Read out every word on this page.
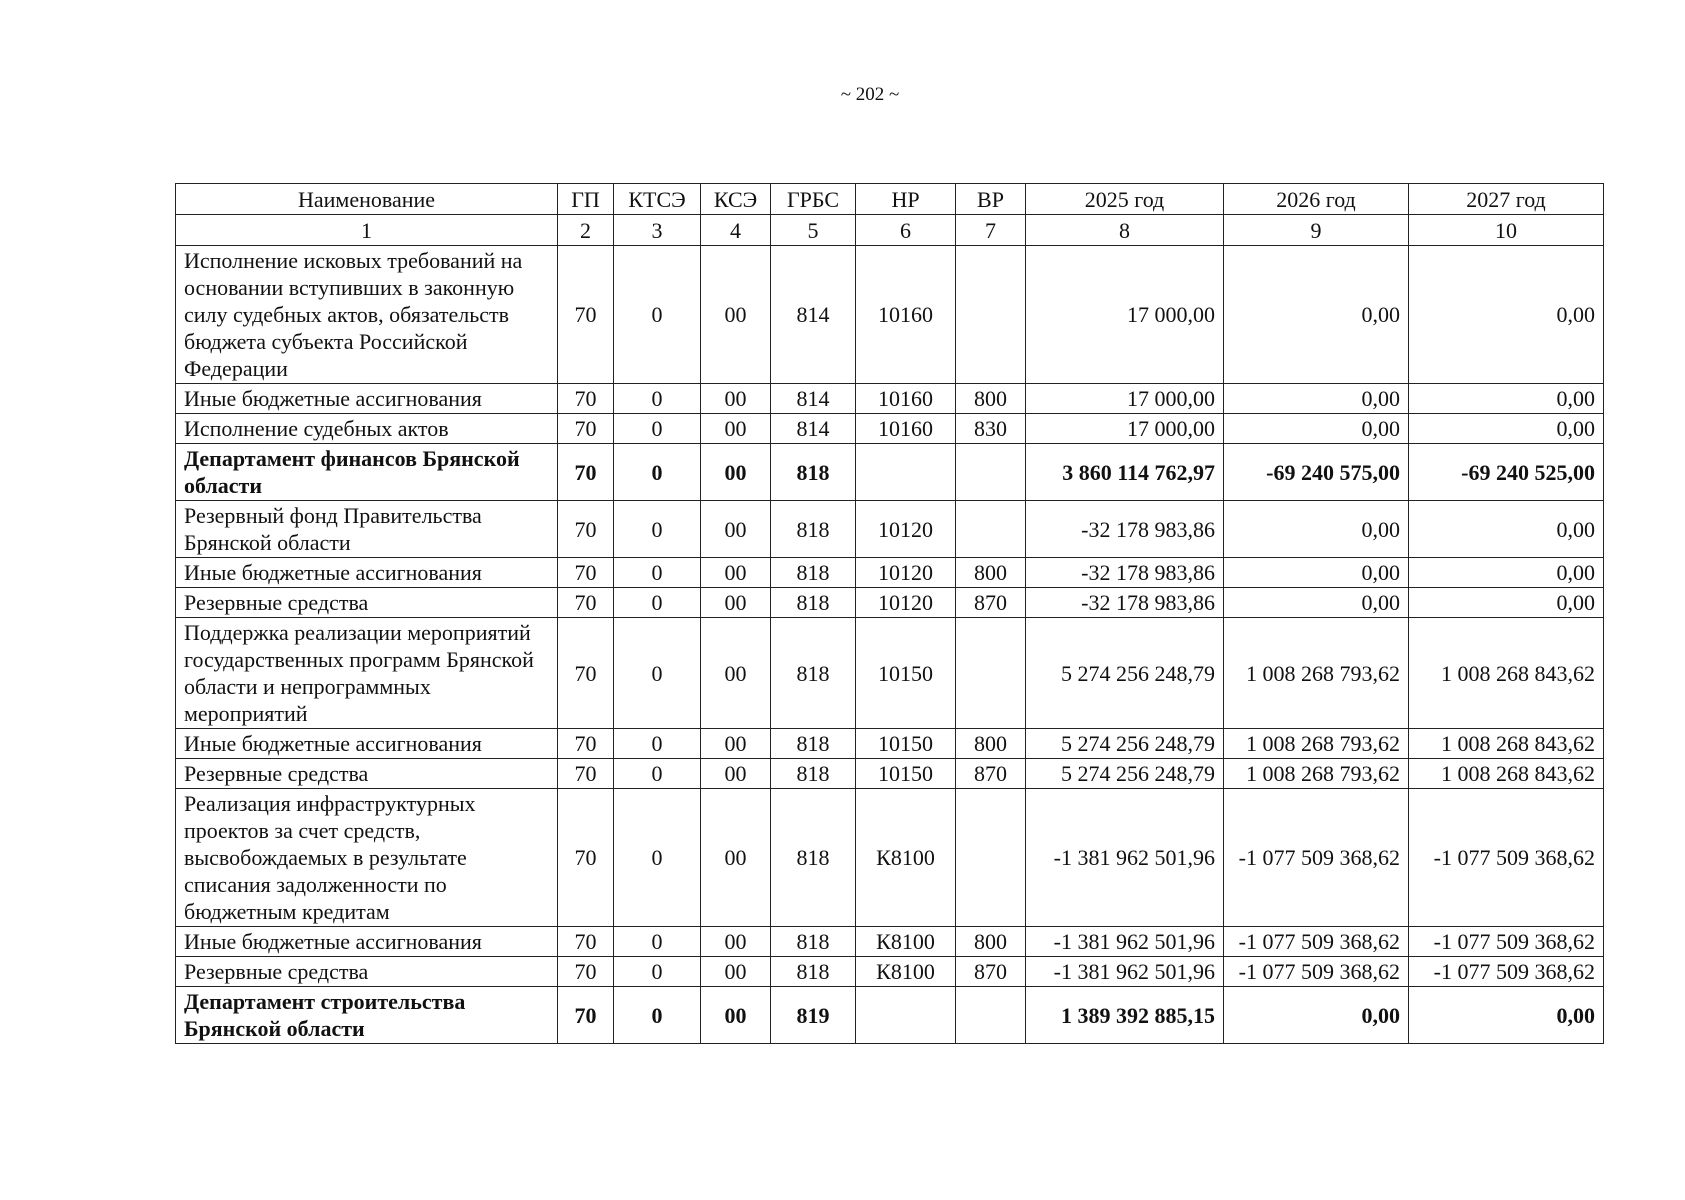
~ 202 ~
Наименование	ГП	КТСЭ	КСЭ	ГРБС	НР	ВР	2025 год	2026 год	2027 год
1	2	3	4	5	6	7	8	9	10
Исполнение исковых требований на основании вступивших в законную силу судебных актов, обязательств бюджета субъекта Российской Федерации	70	0	00	814	10160		17 000,00	0,00	0,00
Иные бюджетные ассигнования	70	0	00	814	10160	800	17 000,00	0,00	0,00
Исполнение судебных актов	70	0	00	814	10160	830	17 000,00	0,00	0,00
Департамент финансов Брянской области	70	0	00	818			3 860 114 762,97	-69 240 575,00	-69 240 525,00
Резервный фонд Правительства Брянской области	70	0	00	818	10120		-32 178 983,86	0,00	0,00
Иные бюджетные ассигнования	70	0	00	818	10120	800	-32 178 983,86	0,00	0,00
Резервные средства	70	0	00	818	10120	870	-32 178 983,86	0,00	0,00
Поддержка реализации мероприятий государственных программ Брянской области и непрограммных мероприятий	70	0	00	818	10150		5 274 256 248,79	1 008 268 793,62	1 008 268 843,62
Иные бюджетные ассигнования	70	0	00	818	10150	800	5 274 256 248,79	1 008 268 793,62	1 008 268 843,62
Резервные средства	70	0	00	818	10150	870	5 274 256 248,79	1 008 268 793,62	1 008 268 843,62
Реализация инфраструктурных проектов за счет средств, высвобождаемых в результате списания задолженности по бюджетным кредитам	70	0	00	818	К8100		-1 381 962 501,96	-1 077 509 368,62	-1 077 509 368,62
Иные бюджетные ассигнования	70	0	00	818	К8100	800	-1 381 962 501,96	-1 077 509 368,62	-1 077 509 368,62
Резервные средства	70	0	00	818	К8100	870	-1 381 962 501,96	-1 077 509 368,62	-1 077 509 368,62
Департамент строительства Брянской области	70	0	00	819			1 389 392 885,15	0,00	0,00
